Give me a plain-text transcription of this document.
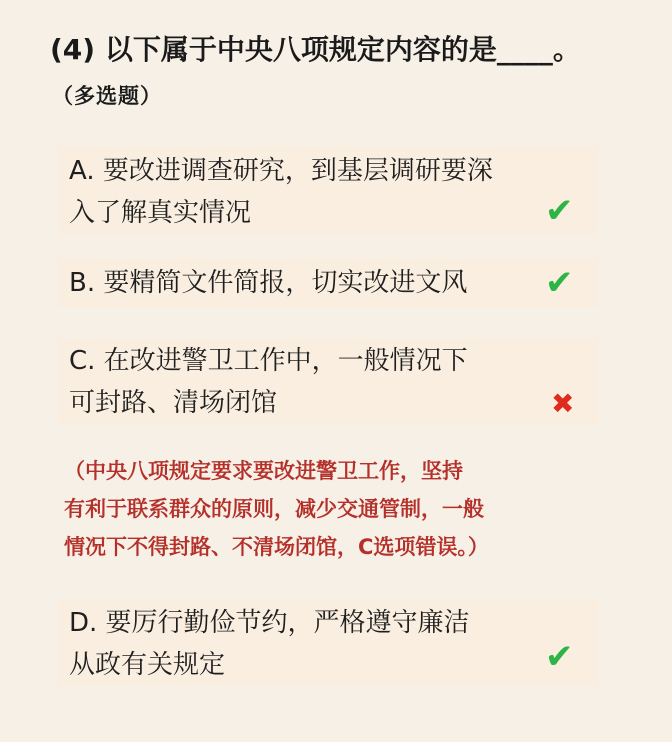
(4) 以下属于中央八项规定内容的是____。
（多选题）
A. 要改进调查研究，到基层调研要深
入了解真实情况	✔
B. 要精简文件简报，切实改进文风	✔
C. 在改进警卫工作中，一般情况下
可封路、清场闭馆	✖
（中央八项规定要求要改进警卫工作，坚持
有利于联系群众的原则，减少交通管制，一般
情况下不得封路、不清场闭馆，C选项错误。）
D. 要厉行勤俭节约，严格遵守廉洁
从政有关规定	✔
